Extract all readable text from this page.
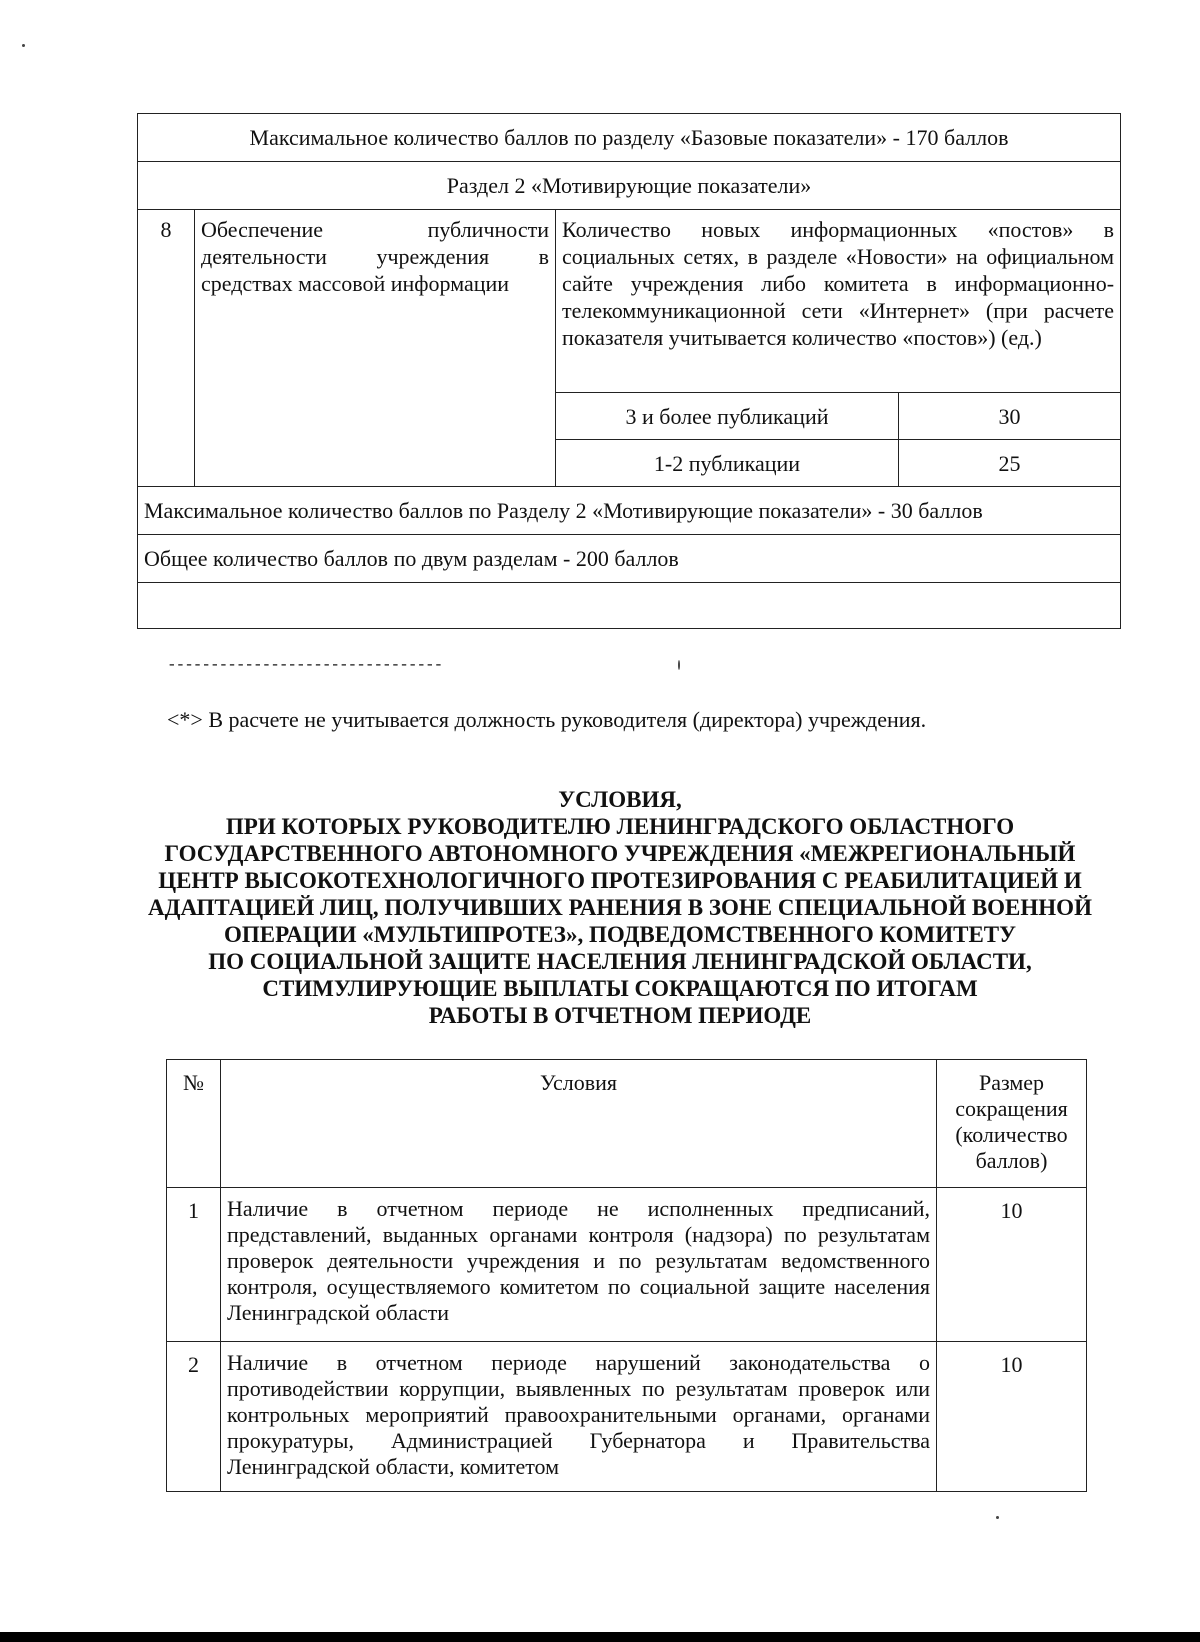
Максимальное количество баллов по разделу «Базовые показатели» - 170 баллов			
Раздел 2 «Мотивирующие показатели»			
8	Обеспечение публичности деятельности учреждения в средствах массовой информации	Количество новых информационных «постов» в социальных сетях, в разделе «Новости» на официальном сайте учреждения либо комитета в информационно-телекоммуникационной сети «Интернет» (при расчете показателя учитывается количество «постов») (ед.)	
		3 и более публикаций	30
		1-2 публикации	25
Максимальное количество баллов по Разделу 2 «Мотивирующие показатели» - 30 баллов			
Общее количество баллов по двум разделам - 200 баллов			

--------------------------------
<*> В расчете не учитывается должность руководителя (директора) учреждения.
УСЛОВИЯ,
ПРИ КОТОРЫХ РУКОВОДИТЕЛЮ ЛЕНИНГРАДСКОГО ОБЛАСТНОГО
ГОСУДАРСТВЕННОГО АВТОНОМНОГО УЧРЕЖДЕНИЯ «МЕЖРЕГИОНАЛЬНЫЙ
ЦЕНТР ВЫСОКОТЕХНОЛОГИЧНОГО ПРОТЕЗИРОВАНИЯ С РЕАБИЛИТАЦИЕЙ И
АДАПТАЦИЕЙ ЛИЦ, ПОЛУЧИВШИХ РАНЕНИЯ В ЗОНЕ СПЕЦИАЛЬНОЙ ВОЕННОЙ
ОПЕРАЦИИ «МУЛЬТИПРОТЕЗ», ПОДВЕДОМСТВЕННОГО КОМИТЕТУ
ПО СОЦИАЛЬНОЙ ЗАЩИТЕ НАСЕЛЕНИЯ ЛЕНИНГРАДСКОЙ ОБЛАСТИ,
СТИМУЛИРУЮЩИЕ ВЫПЛАТЫ СОКРАЩАЮТСЯ ПО ИТОГАМ
РАБОТЫ В ОТЧЕТНОМ ПЕРИОДЕ
№	Условия	Размер сокращения (количество баллов)
1	Наличие в отчетном периоде не исполненных предписаний, представлений, выданных органами контроля (надзора) по результатам проверок деятельности учреждения и по результатам ведомственного контроля, осуществляемого комитетом по социальной защите населения Ленинградской области	10
2	Наличие в отчетном периоде нарушений законодательства о противодействии коррупции, выявленных по результатам проверок или контрольных мероприятий правоохранительными органами, органами прокуратуры, Администрацией Губернатора и Правительства Ленинградской области, комитетом	10
